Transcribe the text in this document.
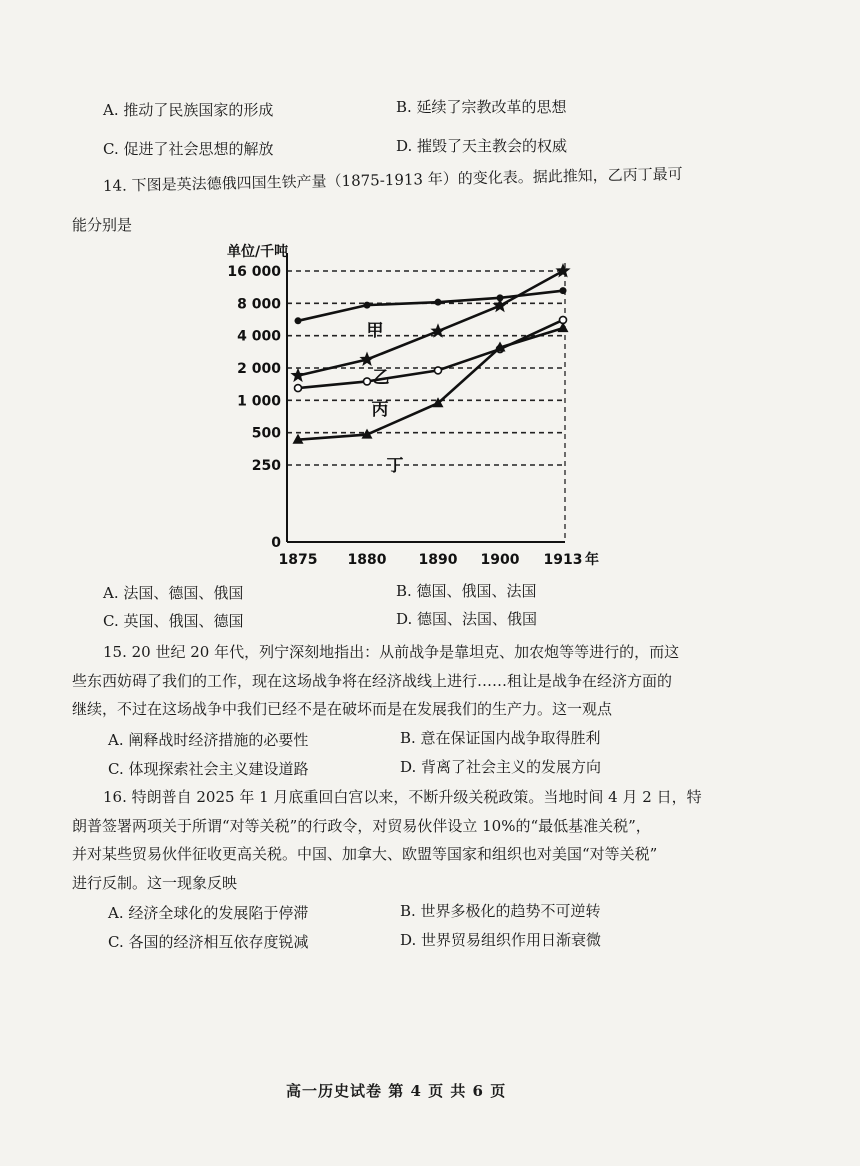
A. 推动了民族国家的形成	B. 延续了宗教改革的思想
C. 促进了社会思想的解放	D. 摧毁了天主教会的权威
14. 下图是英法德俄四国生铁产量（1875-1913 年）的变化表。据此推知，乙丙丁最可
能分别是
0
250
500
1 000
2 000
4 000
8 000
16 000
单位/千吨
1875 1880 1890 1900 1913 年
甲
乙
丙
丁
A. 法国、德国、俄国	B. 德国、俄国、法国
C. 英国、俄国、德国	D. 德国、法国、俄国
15. 20 世纪 20 年代，列宁深刻地指出：从前战争是靠坦克、加农炮等等进行的，而这
些东西妨碍了我们的工作，现在这场战争将在经济战线上进行……租让是战争在经济方面的
继续，不过在这场战争中我们已经不是在破坏而是在发展我们的生产力。这一观点
A. 阐释战时经济措施的必要性	B. 意在保证国内战争取得胜利
C. 体现探索社会主义建设道路	D. 背离了社会主义的发展方向
16. 特朗普自 2025 年 1 月底重回白宫以来，不断升级关税政策。当地时间 4 月 2 日，特
朗普签署两项关于所谓“对等关税”的行政令，对贸易伙伴设立 10%的“最低基准关税”，
并对某些贸易伙伴征收更高关税。中国、加拿大、欧盟等国家和组织也对美国“对等关税”
进行反制。这一现象反映
A. 经济全球化的发展陷于停滞	B. 世界多极化的趋势不可逆转
C. 各国的经济相互依存度锐减	D. 世界贸易组织作用日渐衰微
高一历史试卷 第 4 页 共 6 页
